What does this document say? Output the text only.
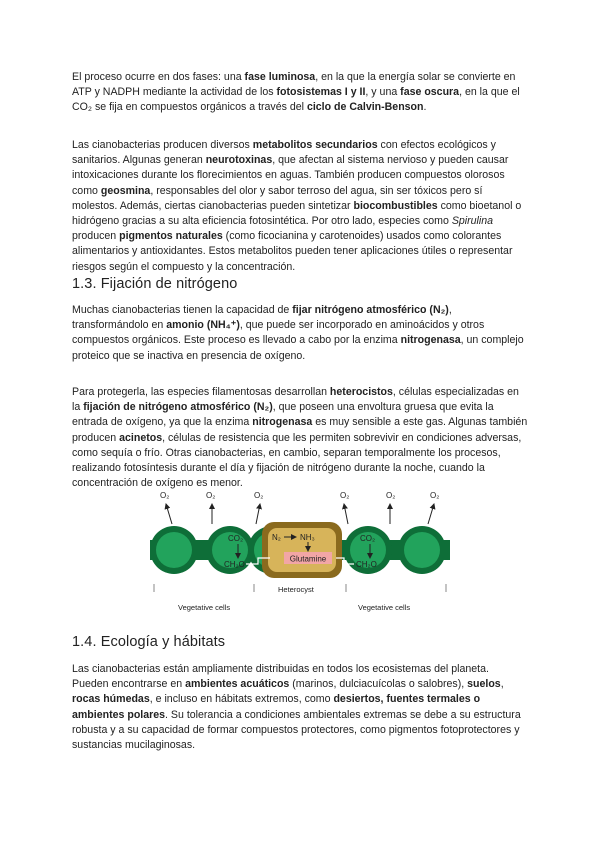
El proceso ocurre en dos fases: una fase luminosa, en la que la energía solar se convierte en ATP y NADPH mediante la actividad de los fotosistemas I y II, y una fase oscura, en la que el CO₂ se fija en compuestos orgánicos a través del ciclo de Calvin-Benson.

Las cianobacterias producen diversos metabolitos secundarios con efectos ecológicos y sanitarios. Algunas generan neurotoxinas, que afectan al sistema nervioso y pueden causar intoxicaciones durante los florecimientos en aguas. También producen compuestos olorosos como geosmina, responsables del olor y sabor terroso del agua, sin ser tóxicos pero sí molestos. Además, ciertas cianobacterias pueden sintetizar biocombustibles como bioetanol o hidrógeno gracias a su alta eficiencia fotosintética. Por otro lado, especies como Spirulina producen pigmentos naturales (como ficocianina y carotenoides) usados como colorantes alimentarios y antioxidantes. Estos metabolitos pueden tener aplicaciones útiles o representar riesgos según el compuesto y la concentración.

1.3. Fijación de nitrógeno

Muchas cianobacterias tienen la capacidad de fijar nitrógeno atmosférico (N₂), transformándolo en amonio (NH₄⁺), que puede ser incorporado en aminoácidos y otros compuestos orgánicos. Este proceso es llevado a cabo por la enzima nitrogenasa, un complejo proteico que se inactiva en presencia de oxígeno.

Para protegerla, las especies filamentosas desarrollan heterocistos, células especializadas en la fijación de nitrógeno atmosférico (N₂), que poseen una envoltura gruesa que evita la entrada de oxígeno, ya que la enzima nitrogenasa es muy sensible a este gas. Algunas también producen acinetos, células de resistencia que les permiten sobrevivir en condiciones adversas, como sequía o frío. Otras cianobacterias, en cambio, separan temporalmente los procesos, realizando fotosíntesis durante el día y fijación de nitrógeno durante la noche, cuando la concentración de oxígeno es menor.

Glutamine
N₂ NH₃
CO₂
CH₂O
CO₂
CH₂O
O₂	O₂	O₂	O₂	O₂	O₂
Vegetative cells
Heterocyst
Vegetative cells
1.4. Ecología y hábitats

Las cianobacterias están ampliamente distribuidas en todos los ecosistemas del planeta. Pueden encontrarse en ambientes acuáticos (marinos, dulciacuícolas o salobres), suelos, rocas húmedas, e incluso en hábitats extremos, como desiertos, fuentes termales o ambientes polares. Su tolerancia a condiciones ambientales extremas se debe a su estructura robusta y a su capacidad de formar compuestos protectores, como pigmentos fotoprotectores y sustancias mucilaginosas.
